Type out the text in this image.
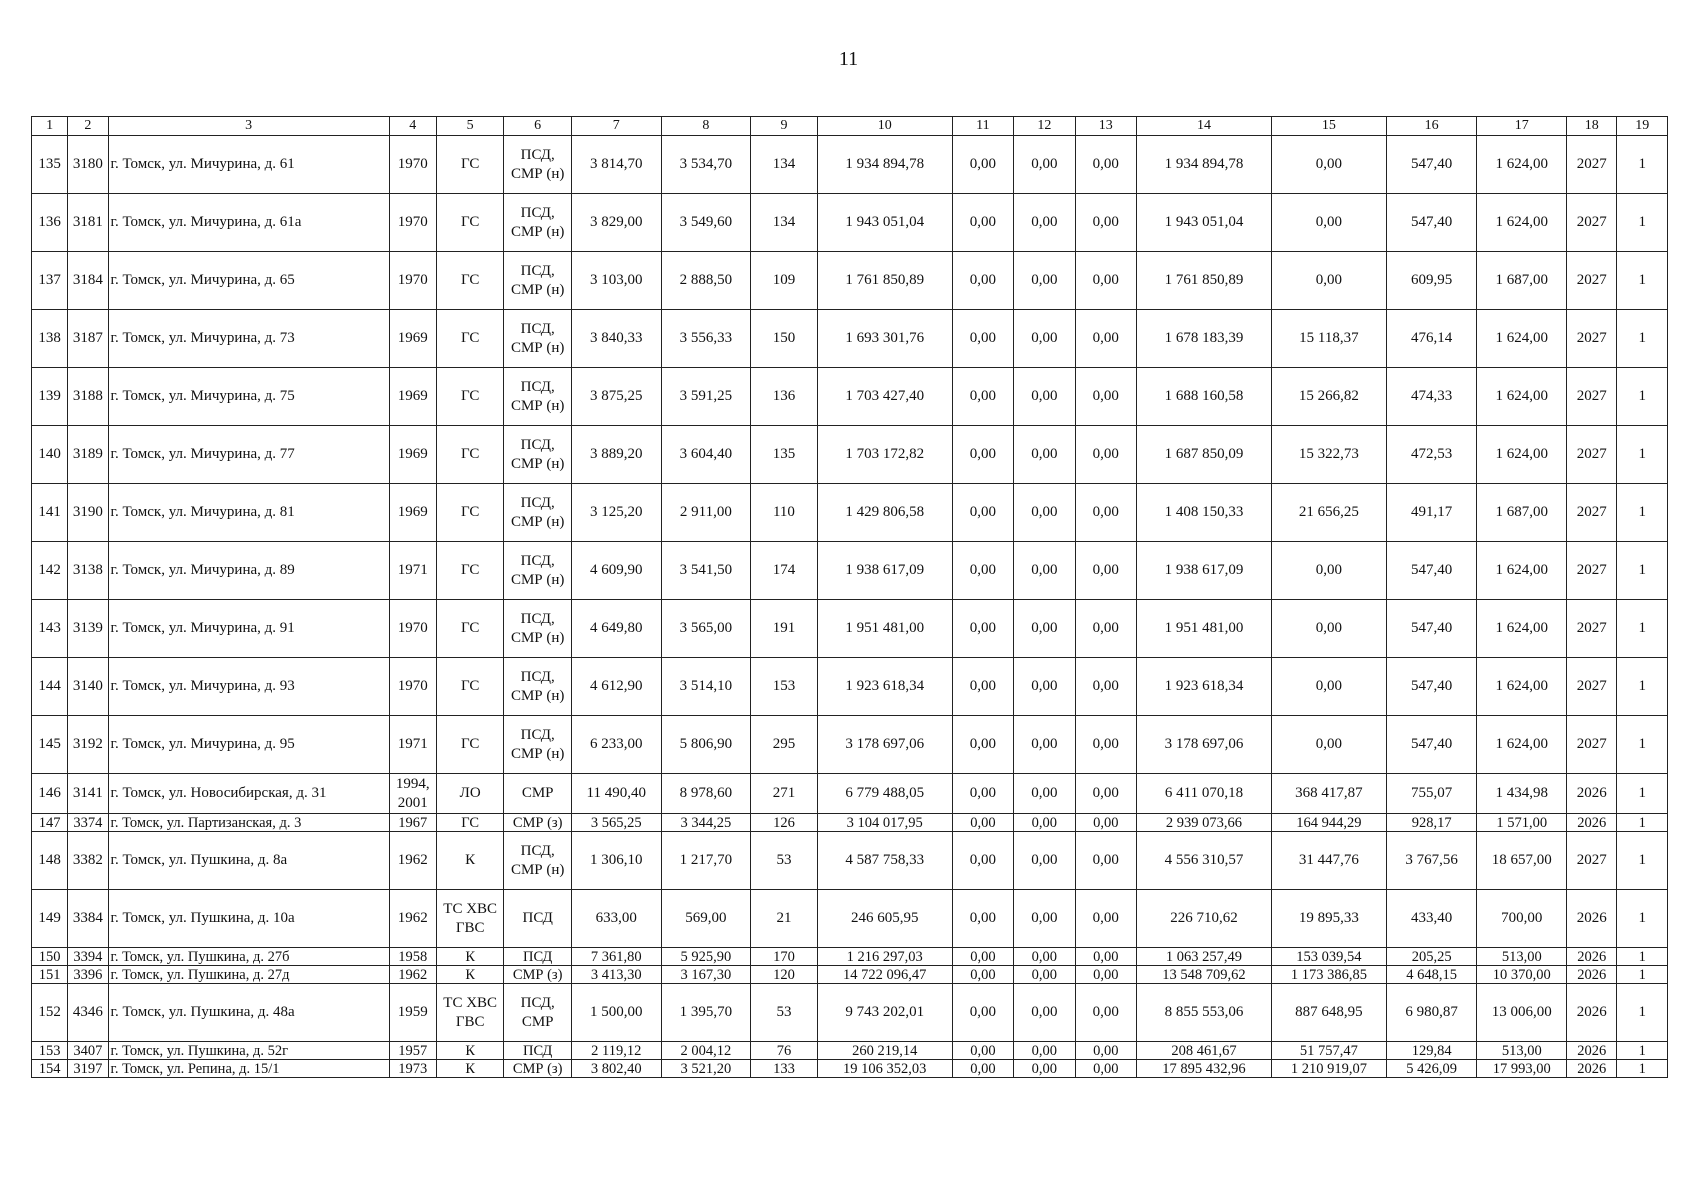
11
1	2	3	4	5	6	7	8	9	10	11	12	13	14	15	16	17	18	19
135	3180	г. Томск, ул. Мичурина, д. 61	1970	ГС	ПСД, СМР (н)	3 814,70	3 534,70	134	1 934 894,78	0,00	0,00	0,00	1 934 894,78	0,00	547,40	1 624,00	2027	1
136	3181	г. Томск, ул. Мичурина, д. 61а	1970	ГС	ПСД, СМР (н)	3 829,00	3 549,60	134	1 943 051,04	0,00	0,00	0,00	1 943 051,04	0,00	547,40	1 624,00	2027	1
137	3184	г. Томск, ул. Мичурина, д. 65	1970	ГС	ПСД, СМР (н)	3 103,00	2 888,50	109	1 761 850,89	0,00	0,00	0,00	1 761 850,89	0,00	609,95	1 687,00	2027	1
138	3187	г. Томск, ул. Мичурина, д. 73	1969	ГС	ПСД, СМР (н)	3 840,33	3 556,33	150	1 693 301,76	0,00	0,00	0,00	1 678 183,39	15 118,37	476,14	1 624,00	2027	1
139	3188	г. Томск, ул. Мичурина, д. 75	1969	ГС	ПСД, СМР (н)	3 875,25	3 591,25	136	1 703 427,40	0,00	0,00	0,00	1 688 160,58	15 266,82	474,33	1 624,00	2027	1
140	3189	г. Томск, ул. Мичурина, д. 77	1969	ГС	ПСД, СМР (н)	3 889,20	3 604,40	135	1 703 172,82	0,00	0,00	0,00	1 687 850,09	15 322,73	472,53	1 624,00	2027	1
141	3190	г. Томск, ул. Мичурина, д. 81	1969	ГС	ПСД, СМР (н)	3 125,20	2 911,00	110	1 429 806,58	0,00	0,00	0,00	1 408 150,33	21 656,25	491,17	1 687,00	2027	1
142	3138	г. Томск, ул. Мичурина, д. 89	1971	ГС	ПСД, СМР (н)	4 609,90	3 541,50	174	1 938 617,09	0,00	0,00	0,00	1 938 617,09	0,00	547,40	1 624,00	2027	1
143	3139	г. Томск, ул. Мичурина, д. 91	1970	ГС	ПСД, СМР (н)	4 649,80	3 565,00	191	1 951 481,00	0,00	0,00	0,00	1 951 481,00	0,00	547,40	1 624,00	2027	1
144	3140	г. Томск, ул. Мичурина, д. 93	1970	ГС	ПСД, СМР (н)	4 612,90	3 514,10	153	1 923 618,34	0,00	0,00	0,00	1 923 618,34	0,00	547,40	1 624,00	2027	1
145	3192	г. Томск, ул. Мичурина, д. 95	1971	ГС	ПСД, СМР (н)	6 233,00	5 806,90	295	3 178 697,06	0,00	0,00	0,00	3 178 697,06	0,00	547,40	1 624,00	2027	1
146	3141	г. Томск, ул. Новосибирская, д. 31	1994, 2001	ЛО	СМР	11 490,40	8 978,60	271	6 779 488,05	0,00	0,00	0,00	6 411 070,18	368 417,87	755,07	1 434,98	2026	1
147	3374	г. Томск, ул. Партизанская, д. 3	1967	ГС	СМР (з)	3 565,25	3 344,25	126	3 104 017,95	0,00	0,00	0,00	2 939 073,66	164 944,29	928,17	1 571,00	2026	1
148	3382	г. Томск, ул. Пушкина, д. 8а	1962	К	ПСД, СМР (н)	1 306,10	1 217,70	53	4 587 758,33	0,00	0,00	0,00	4 556 310,57	31 447,76	3 767,56	18 657,00	2027	1
149	3384	г. Томск, ул. Пушкина, д. 10а	1962	ТС ХВС ГВС	ПСД	633,00	569,00	21	246 605,95	0,00	0,00	0,00	226 710,62	19 895,33	433,40	700,00	2026	1
150	3394	г. Томск, ул. Пушкина, д. 27б	1958	К	ПСД	7 361,80	5 925,90	170	1 216 297,03	0,00	0,00	0,00	1 063 257,49	153 039,54	205,25	513,00	2026	1
151	3396	г. Томск, ул. Пушкина, д. 27д	1962	К	СМР (з)	3 413,30	3 167,30	120	14 722 096,47	0,00	0,00	0,00	13 548 709,62	1 173 386,85	4 648,15	10 370,00	2026	1
152	4346	г. Томск, ул. Пушкина, д. 48а	1959	ТС ХВС ГВС	ПСД, СМР	1 500,00	1 395,70	53	9 743 202,01	0,00	0,00	0,00	8 855 553,06	887 648,95	6 980,87	13 006,00	2026	1
153	3407	г. Томск, ул. Пушкина, д. 52г	1957	К	ПСД	2 119,12	2 004,12	76	260 219,14	0,00	0,00	0,00	208 461,67	51 757,47	129,84	513,00	2026	1
154	3197	г. Томск, ул. Репина, д. 15/1	1973	К	СМР (з)	3 802,40	3 521,20	133	19 106 352,03	0,00	0,00	0,00	17 895 432,96	1 210 919,07	5 426,09	17 993,00	2026	1
